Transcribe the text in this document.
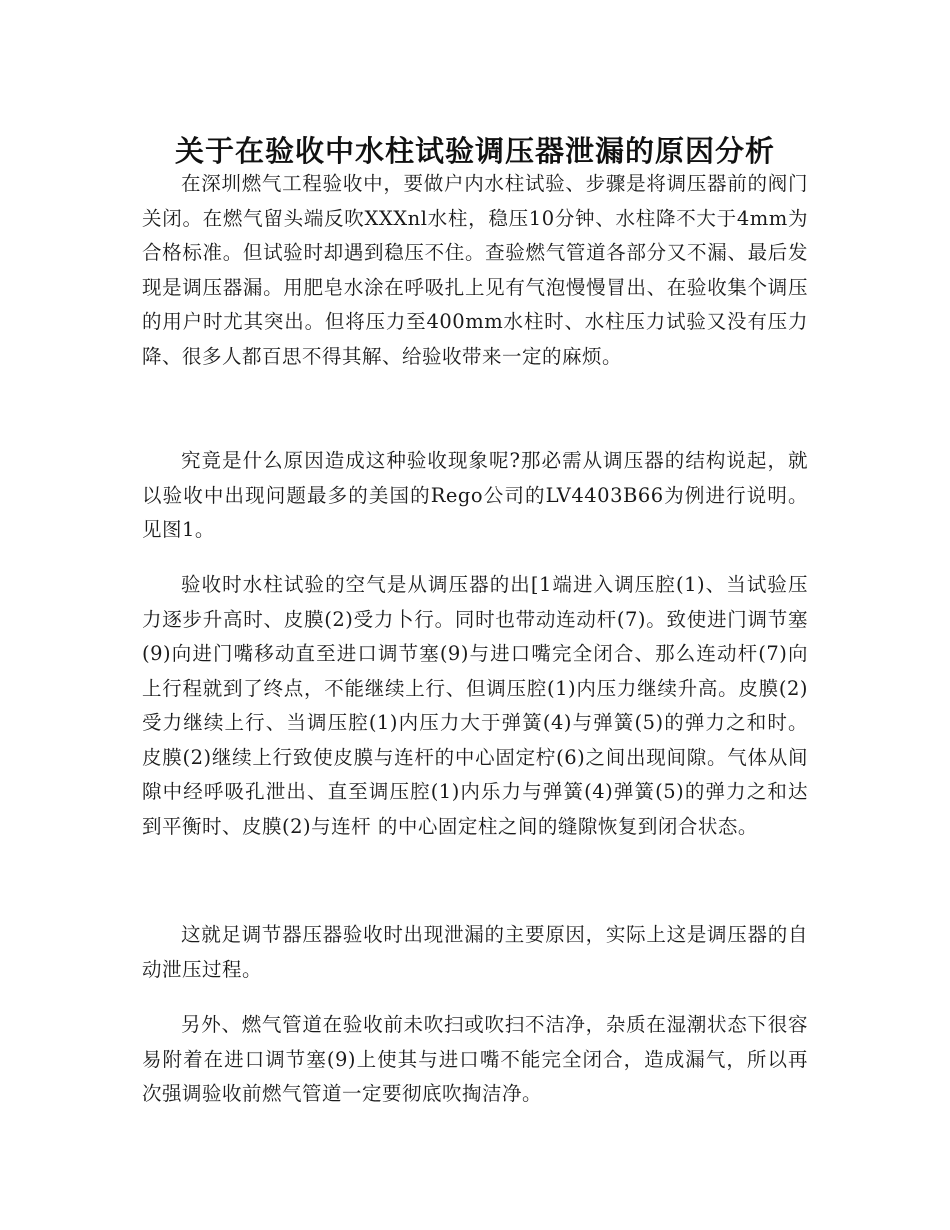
关于在验收中水柱试验调压器泄漏的原因分析

在深圳燃气工程验收中，要做户内水柱试验、步骤是将调压器前的阀门关闭。在燃气留头端反吹XXXnl水柱，稳压10分钟、水柱降不大于4mm为合格标准。但试验时却遇到稳压不住。查验燃气管道各部分又不漏、最后发现是调压器漏。用肥皂水涂在呼吸扎上见有气泡慢慢冒出、在验收集个调压的用户时尤其突出。但将压力至400mm水柱时、水柱压力试验又没有压力降、很多人都百思不得其解、给验收带来一定的麻烦。

究竟是什么原因造成这种验收现象呢?那必需从调压器的结构说起，就以验收中出现问题最多的美国的Rego公司的LV4403B66为例进行说明。 见图1。

验收时水柱试验的空气是从调压器的出[1端进入调压腔(1)、当试验压力逐步升高时、皮膜(2)受力卜行。同时也带动连动杆(7)。致使进门调节塞(9)向进门嘴移动直至进口调节塞(9)与进口嘴完全闭合、那么连动杆(7)向上行程就到了终点，不能继续上行、但调压腔(1)内压力继续升高。皮膜(2)受力继续上行、当调压腔(1)内压力大于弹簧(4)与弹簧(5)的弹力之和时。皮膜(2)继续上行致使皮膜与连杆的中心固定柠(6)之间出现间隙。气体从间隙中经呼吸孔泄出、直至调压腔(1)内乐力与弹簧(4)弹簧(5)的弹力之和达到平衡时、皮膜(2)与连杆 的中心固定柱之间的缝隙恢复到闭合状态。

这就足调节器压器验收时出现泄漏的主要原因，实际上这是调压器的自动泄压过程。

另外、燃气管道在验收前未吹扫或吹扫不洁净，杂质在湿潮状态下很容易附着在进口调节塞(9)上使其与进口嘴不能完全闭合，造成漏气，所以再次强调验收前燃气管道一定要彻底吹掏洁净。
